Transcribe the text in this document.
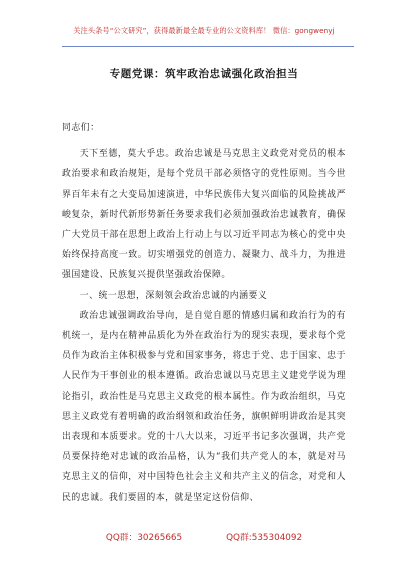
关注头条号“公文研究”，获得最新最全最专业的公文资料库！ 微信：gongwenyj
专题党课：筑牢政治忠诚强化政治担当

同志们：

天下至德，莫大乎忠。政治忠诚是马克思主义政党对党员的根本政治要求和政治规矩，是每个党员干部必须恪守的党性原则。当今世界百年未有之大变局加速演进，中华民族伟大复兴面临的风险挑战严峻复杂，新时代新形势新任务要求我们必须加强政治忠诚教育，确保广大党员干部在思想上政治上行动上与以习近平同志为核心的党中央始终保持高度一致。切实增强党的创造力、凝聚力、战斗力，为推进强国建设、民族复兴提供坚强政治保障。

一、统一思想，深刻领会政治忠诚的内涵要义

政治忠诚强调政治导向，是自觉自愿的情感归属和政治行为的有机统一，是内在精神品质化为外在政治行为的现实表现，要求每个党员作为政治主体积极参与党和国家事务，将忠于党、忠于国家、忠于人民作为干事创业的根本遵循。政治忠诚以马克思主义建党学说为理论指引，政治性是马克思主义政党的根本属性。作为政治组织，马克思主义政党有着明确的政治纲领和政治任务，旗帜鲜明讲政治是其突出表现和本质要求。党的十八大以来，习近平书记多次强调，共产党员要保持绝对忠诚的政治品格，认为“我们共产党人的本，就是对马克思主义的信仰，对中国特色社会主义和共产主义的信念，对党和人民的忠诚。我们要固的本，就是坚定这份信仰、

QQ群：30265665	QQ群:535304092
